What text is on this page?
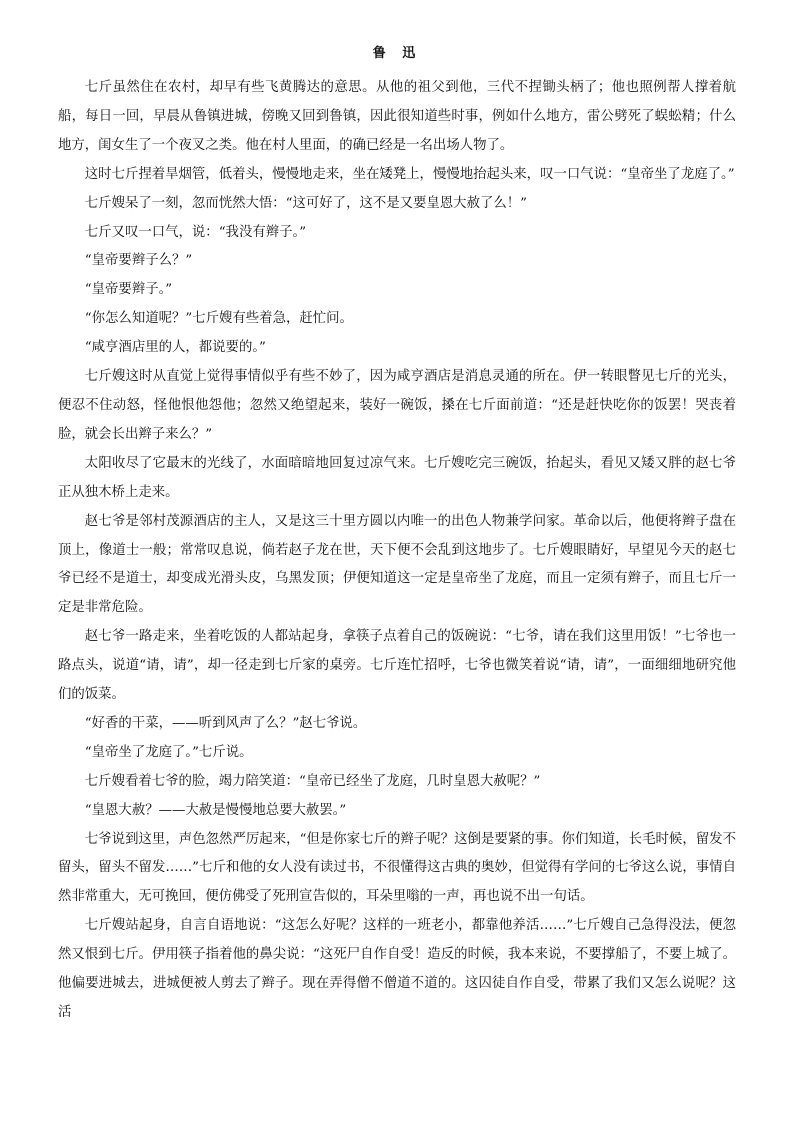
鲁 迅

七斤虽然住在农村，却早有些飞黄腾达的意思。从他的祖父到他，三代不捏锄头柄了；他也照例帮人撑着航船，每日一回，早晨从鲁镇进城，傍晚又回到鲁镇，因此很知道些时事，例如什么地方，雷公劈死了蜈蚣精；什么地方，闺女生了一个夜叉之类。他在村人里面，的确已经是一名出场人物了。

这时七斤捏着旱烟管，低着头，慢慢地走来，坐在矮凳上，慢慢地抬起头来，叹一口气说：“皇帝坐了龙庭了。”

七斤嫂呆了一刻，忽而恍然大悟：“这可好了，这不是又要皇恩大赦了么！”

七斤又叹一口气，说：“我没有辫子。”

“皇帝要辫子么？”

“皇帝要辫子。”

“你怎么知道呢？”七斤嫂有些着急，赶忙问。

“咸亨酒店里的人，都说要的。”

七斤嫂这时从直觉上觉得事情似乎有些不妙了，因为咸亨酒店是消息灵通的所在。伊一转眼瞥见七斤的光头，便忍不住动怒，怪他恨他怨他；忽然又绝望起来，装好一碗饭，搡在七斤面前道：“还是赶快吃你的饭罢！哭丧着脸，就会长出辫子来么？”

太阳收尽了它最末的光线了，水面暗暗地回复过凉气来。七斤嫂吃完三碗饭，抬起头，看见又矮又胖的赵七爷正从独木桥上走来。

赵七爷是邻村茂源酒店的主人，又是这三十里方圆以内唯一的出色人物兼学问家。革命以后，他便将辫子盘在顶上，像道士一般；常常叹息说，倘若赵子龙在世，天下便不会乱到这地步了。七斤嫂眼睛好，早望见今天的赵七爷已经不是道士，却变成光滑头皮，乌黑发顶；伊便知道这一定是皇帝坐了龙庭，而且一定须有辫子，而且七斤一定是非常危险。

赵七爷一路走来，坐着吃饭的人都站起身，拿筷子点着自己的饭碗说：“七爷，请在我们这里用饭！”七爷也一路点头，说道“请，请”，却一径走到七斤家的桌旁。七斤连忙招呼，七爷也微笑着说“请，请”，一面细细地研究他们的饭菜。

“好香的干菜，——听到风声了么？”赵七爷说。

“皇帝坐了龙庭了。”七斤说。

七斤嫂看着七爷的脸，竭力陪笑道：“皇帝已经坐了龙庭，几时皇恩大赦呢？”

“皇恩大赦？——大赦是慢慢地总要大赦罢。”

七爷说到这里，声色忽然严厉起来，“但是你家七斤的辫子呢？这倒是要紧的事。你们知道，长毛时候，留发不留头，留头不留发……”七斤和他的女人没有读过书，不很懂得这古典的奥妙，但觉得有学问的七爷这么说，事情自然非常重大，无可挽回，便仿佛受了死刑宣告似的，耳朵里嗡的一声，再也说不出一句话。

七斤嫂站起身，自言自语地说：“这怎么好呢？这样的一班老小，都靠他养活……”七斤嫂自己急得没法，便忽然又恨到七斤。伊用筷子指着他的鼻尖说：“这死尸自作自受！造反的时候，我本来说，不要撑船了，不要上城了。他偏要进城去，进城便被人剪去了辫子。现在弄得僧不僧道不道的。这囚徒自作自受，带累了我们又怎么说呢？这活
